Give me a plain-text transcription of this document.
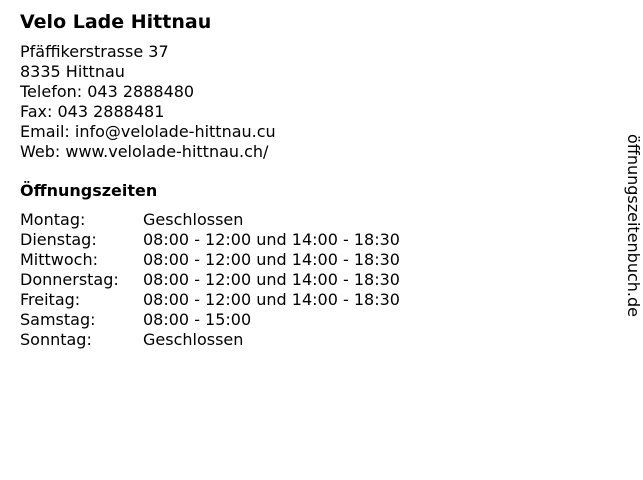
Velo Lade Hittnau
Pfäffikerstrasse 37
8335 Hittnau
Telefon: 043 2888480
Fax: 043 2888481
Email: info@velolade-hittnau.cu
Web: www.velolade-hittnau.ch/
Öffnungszeiten
Montag:	Geschlossen
Dienstag:	08:00 - 12:00 und 14:00 - 18:30
Mittwoch:	08:00 - 12:00 und 14:00 - 18:30
Donnerstag:	08:00 - 12:00 und 14:00 - 18:30
Freitag:	08:00 - 12:00 und 14:00 - 18:30
Samstag:	08:00 - 15:00
Sonntag:	Geschlossen
öffnungszeitenbuch.de
